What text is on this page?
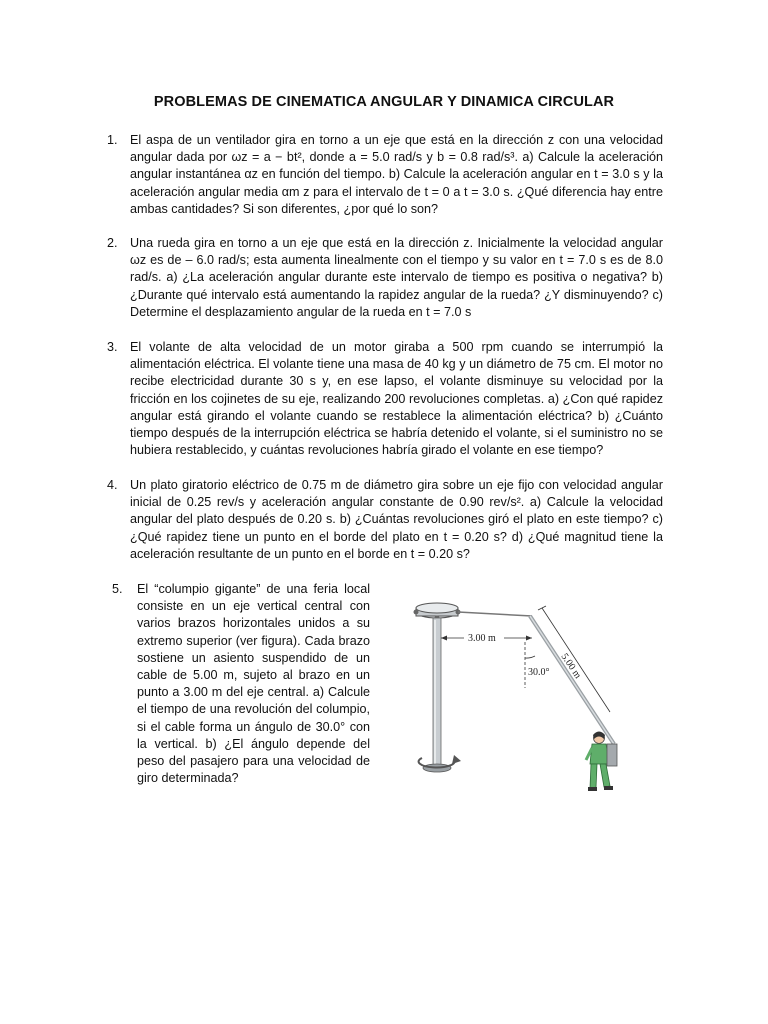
PROBLEMAS DE CINEMATICA ANGULAR Y DINAMICA CIRCULAR
1. El aspa de un ventilador gira en torno a un eje que está en la dirección z con una velocidad angular dada por ωz = a − bt², donde a = 5.0 rad/s y b = 0.8 rad/s³. a) Calcule la aceleración angular instantánea αz en función del tiempo. b) Calcule la aceleración angular en t = 3.0 s y la aceleración angular media αm z para el intervalo de t = 0 a t = 3.0 s. ¿Qué diferencia hay entre ambas cantidades? Si son diferentes, ¿por qué lo son?
2. Una rueda gira en torno a un eje que está en la dirección z. Inicialmente la velocidad angular ωz es de – 6.0 rad/s; esta aumenta linealmente con el tiempo y su valor en t = 7.0 s es de 8.0 rad/s. a) ¿La aceleración angular durante este intervalo de tiempo es positiva o negativa? b) ¿Durante qué intervalo está aumentando la rapidez angular de la rueda? ¿Y disminuyendo? c) Determine el desplazamiento angular de la rueda en t = 7.0 s
3. El volante de alta velocidad de un motor giraba a 500 rpm cuando se interrumpió la alimentación eléctrica. El volante tiene una masa de 40 kg y un diámetro de 75 cm. El motor no recibe electricidad durante 30 s y, en ese lapso, el volante disminuye su velocidad por la fricción en los cojinetes de su eje, realizando 200 revoluciones completas. a) ¿Con qué rapidez angular está girando el volante cuando se restablece la alimentación eléctrica? b) ¿Cuánto tiempo después de la interrupción eléctrica se habría detenido el volante, si el suministro no se hubiera restablecido, y cuántas revoluciones habría girado el volante en ese tiempo?
4. Un plato giratorio eléctrico de 0.75 m de diámetro gira sobre un eje fijo con velocidad angular inicial de 0.25 rev/s y aceleración angular constante de 0.90 rev/s². a) Calcule la velocidad angular del plato después de 0.20 s. b) ¿Cuántas revoluciones giró el plato en este tiempo? c) ¿Qué rapidez tiene un punto en el borde del plato en t = 0.20 s? d) ¿Qué magnitud tiene la aceleración resultante de un punto en el borde en t = 0.20 s?
5. El “columpio gigante” de una feria local consiste en un eje vertical central con varios brazos horizontales unidos a su extremo superior (ver figura). Cada brazo sostiene un asiento suspendido de un cable de 5.00 m, sujeto al brazo en un punto a 3.00 m del eje central. a) Calcule el tiempo de una revolución del columpio, si el cable forma un ángulo de 30.0° con la vertical. b) ¿El ángulo depende del peso del pasajero para una velocidad de giro determinada?
3.00 m
30.0° 5.00 m
